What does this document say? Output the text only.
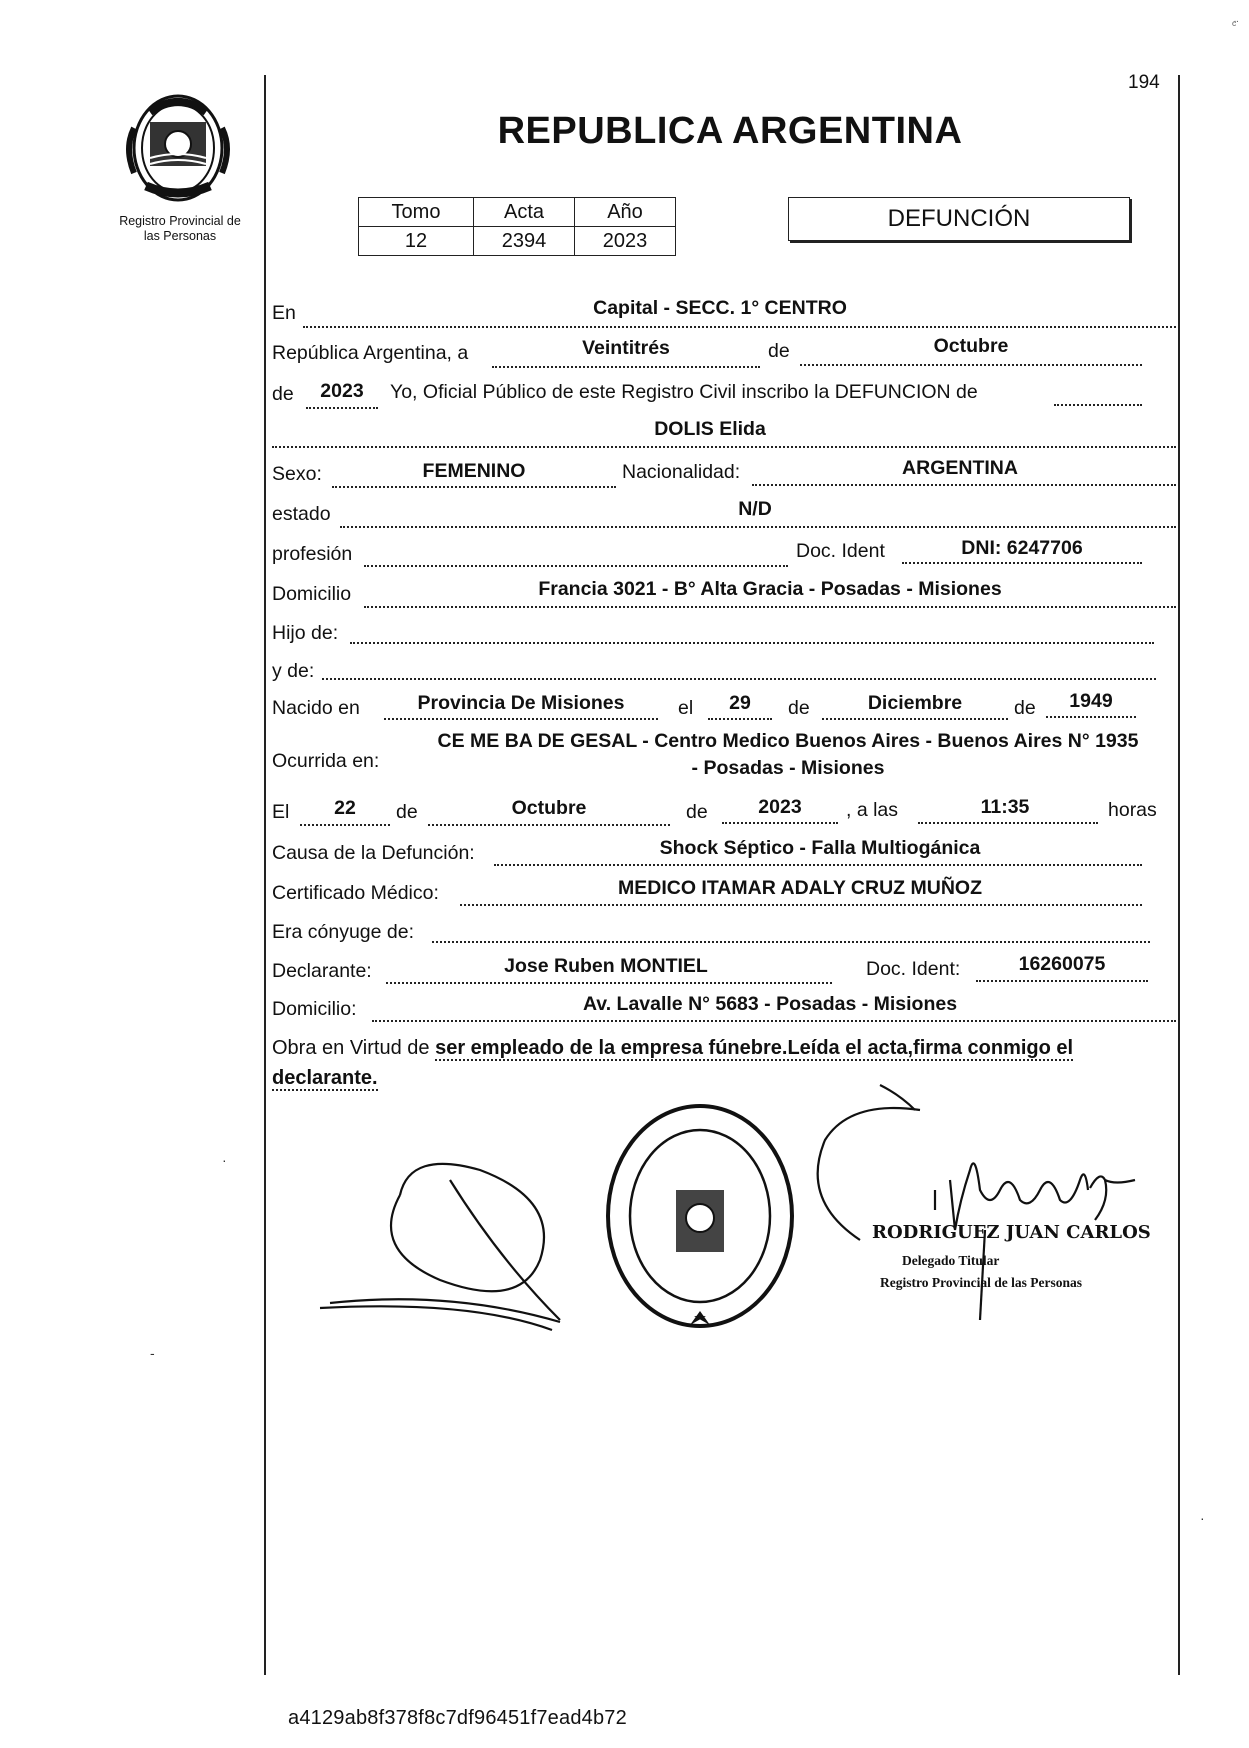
194
ᶜ̈
·
-
·
Registro Provincial de
las Personas
REPUBLICA ARGENTINA
Tomo	Acta	Año
12	2394	2023
DEFUNCIÓN
En	Capital - SECC. 1° CENTRO
República Argentina, a	Veintitrés	de	Octubre
de	2023	Yo, Oficial Público de este Registro Civil inscribo la DEFUNCION de
DOLIS Elida
Sexo:	FEMENINO	Nacionalidad:	ARGENTINA
estado	N/D
profesión	Doc. Ident	DNI: 6247706
Domicilio	Francia 3021 - B° Alta Gracia - Posadas - Misiones
Hijo de:
y de:
Nacido en	Provincia De Misiones	el	29	de	Diciembre	de	1949
Ocurrida en:
CE ME BA DE GESAL - Centro Medico Buenos Aires - Buenos Aires N° 1935
- Posadas - Misiones
El	22	de	Octubre	de	2023	, a las	11:35	horas
Causa de la Defunción:	Shock Séptico - Falla Multiogánica
Certificado Médico:	MEDICO ITAMAR ADALY CRUZ MUÑOZ
Era cónyuge de:
Declarante:	Jose Ruben MONTIEL	Doc. Ident:	16260075
Domicilio:	Av. Lavalle N° 5683 - Posadas - Misiones
Obra en Virtud de ser empleado de la empresa fúnebre.Leída el acta,firma conmigo el
declarante.
RODRIGUEZ JUAN CARLOS
Delegado Titular
Registro Provincial de las Personas
a4129ab8f378f8c7df96451f7ead4b72
